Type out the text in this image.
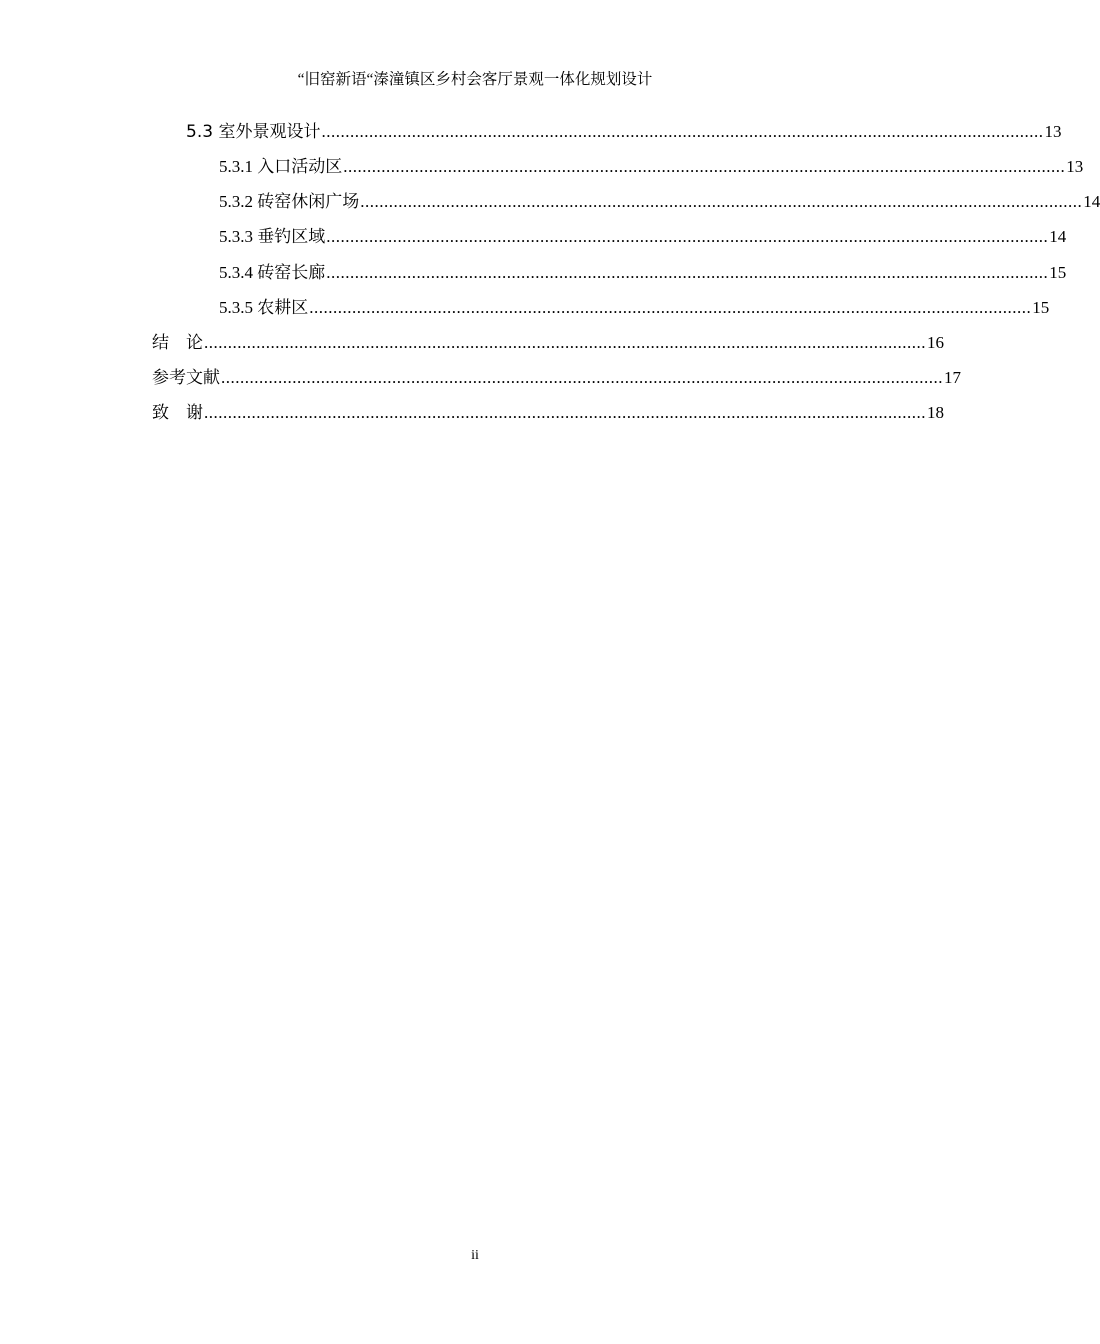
“旧窑新语“溱潼镇区乡村会客厅景观一体化规划设计
5.3 室外景观设计 ........................................................................................................................................................ 13
5.3.1 入口活动区 ........................................................................................................................................................ 13
5.3.2 砖窑休闲广场 ........................................................................................................................................................ 14
5.3.3 垂钓区域 ........................................................................................................................................................ 14
5.3.4 砖窑长廊 ........................................................................................................................................................ 15
5.3.5 农耕区 ........................................................................................................................................................ 15
结　论 ........................................................................................................................................................ 16
参考文献 ........................................................................................................................................................ 17
致　谢 ........................................................................................................................................................ 18
ii
